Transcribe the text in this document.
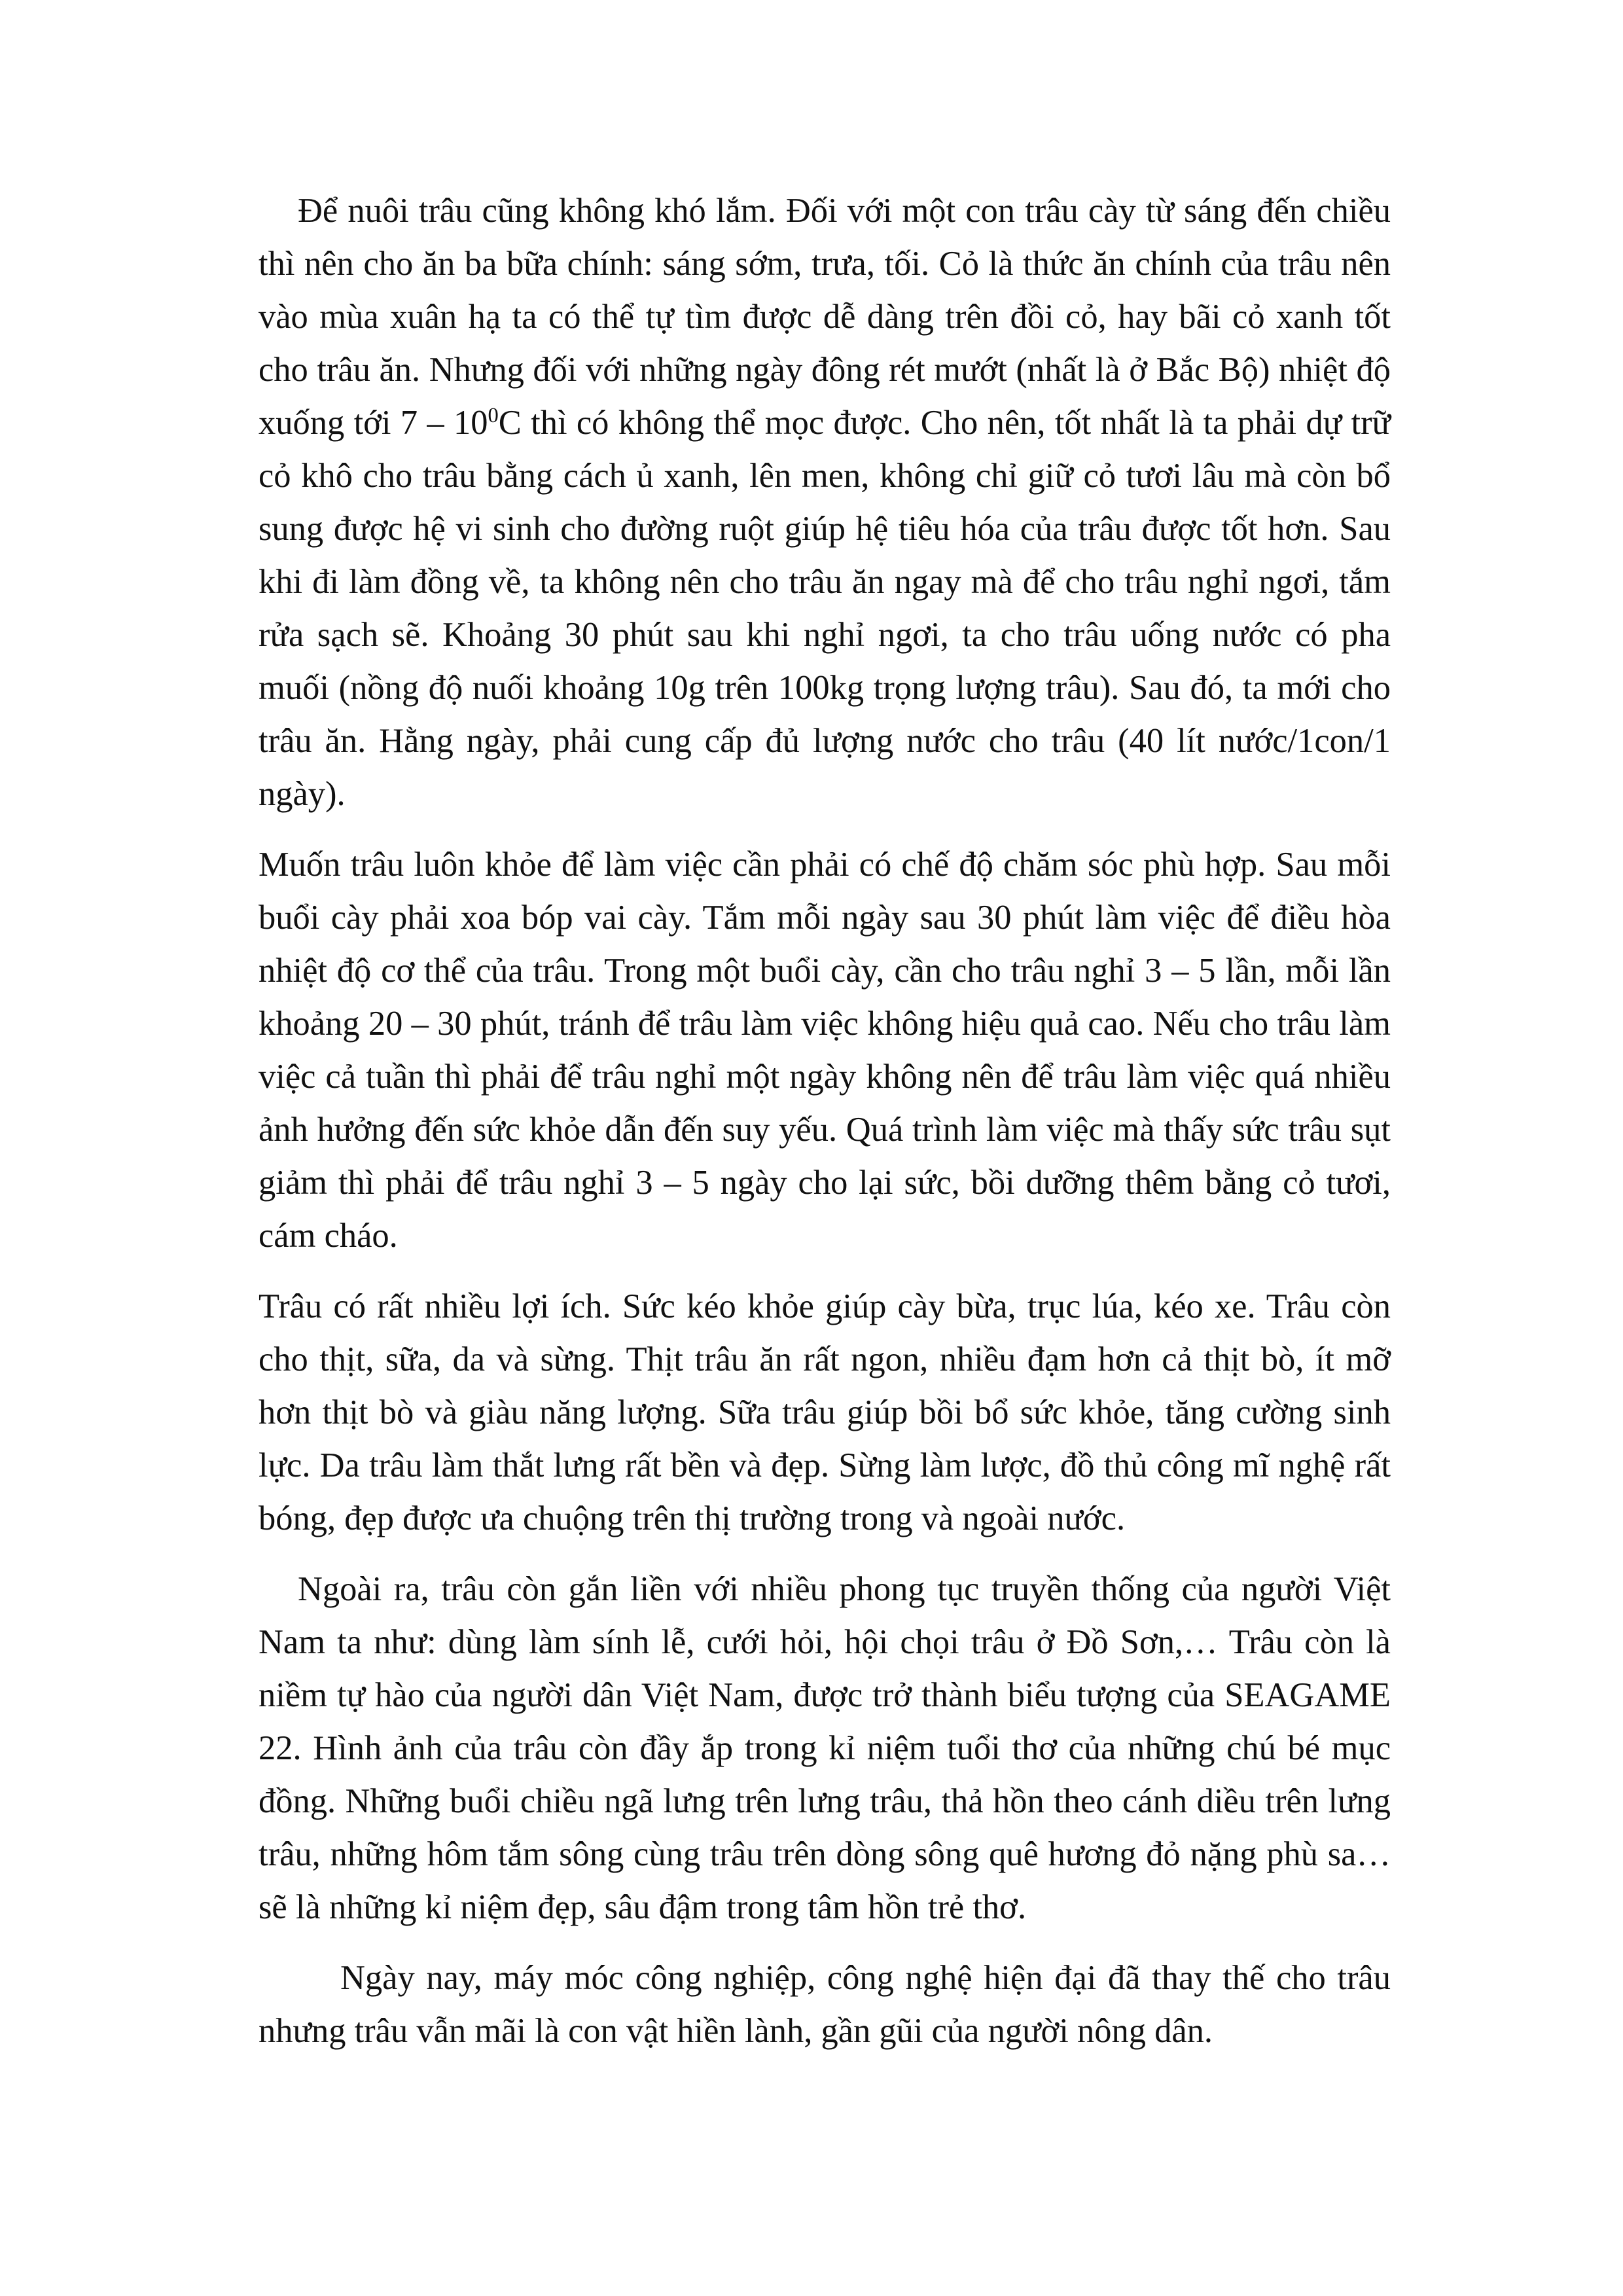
Để nuôi trâu cũng không khó lắm. Đối với một con trâu cày từ sáng đến chiều thì nên cho ăn ba bữa chính: sáng sớm, trưa, tối. Cỏ là thức ăn chính của trâu nên vào mùa xuân hạ ta có thể tự tìm được dễ dàng trên đồi cỏ, hay bãi cỏ xanh tốt cho trâu ăn. Nhưng đối với những ngày đông rét mướt (nhất là ở Bắc Bộ) nhiệt độ xuống tới $7 - 10^0C$ thì có không thể mọc được. Cho nên, tốt nhất là ta phải dự trữ cỏ khô cho trâu bằng cách ủ xanh, lên men, không chỉ giữ cỏ tươi lâu mà còn bổ sung được hệ vi sinh cho đường ruột giúp hệ tiêu hóa của trâu được tốt hơn. Sau khi đi làm đồng về, ta không nên cho trâu ăn ngay mà để cho trâu nghỉ ngơi, tắm rửa sạch sẽ. Khoảng 30 phút sau khi nghỉ ngơi, ta cho trâu uống nước có pha muối (nồng độ nuối khoảng 10g trên 100kg trọng lượng trâu). Sau đó, ta mới cho trâu ăn. Hằng ngày, phải cung cấp đủ lượng nước cho trâu (40 lít nước/1con/1 ngày).

Muốn trâu luôn khỏe để làm việc cần phải có chế độ chăm sóc phù hợp. Sau mỗi buổi cày phải xoa bóp vai cày. Tắm mỗi ngày sau 30 phút làm việc để điều hòa nhiệt độ cơ thể của trâu. Trong một buổi cày, cần cho trâu nghỉ 3 – 5 lần, mỗi lần khoảng 20 – 30 phút, tránh để trâu làm việc không hiệu quả cao. Nếu cho trâu làm việc cả tuần thì phải để trâu nghỉ một ngày không nên để trâu làm việc quá nhiều ảnh hưởng đến sức khỏe dẫn đến suy yếu. Quá trình làm việc mà thấy sức trâu sụt giảm thì phải để trâu nghỉ 3 – 5 ngày cho lại sức, bồi dưỡng thêm bằng cỏ tươi, cám cháo.

Trâu có rất nhiều lợi ích. Sức kéo khỏe giúp cày bừa, trục lúa, kéo xe. Trâu còn cho thịt, sữa, da và sừng. Thịt trâu ăn rất ngon, nhiều đạm hơn cả thịt bò, ít mỡ hơn thịt bò và giàu năng lượng. Sữa trâu giúp bồi bổ sức khỏe, tăng cường sinh lực. Da trâu làm thắt lưng rất bền và đẹp. Sừng làm lược, đồ thủ công mĩ nghệ rất bóng, đẹp được ưa chuộng trên thị trường trong và ngoài nước.

Ngoài ra, trâu còn gắn liền với nhiều phong tục truyền thống của người Việt Nam ta như: dùng làm sính lễ, cưới hỏi, hội chọi trâu ở Đồ Sơn,… Trâu còn là niềm tự hào của người dân Việt Nam, được trở thành biểu tượng của SEAGAME 22. Hình ảnh của trâu còn đầy ắp trong kỉ niệm tuổi thơ của những chú bé mục đồng. Những buổi chiều ngã lưng trên lưng trâu, thả hồn theo cánh diều trên lưng trâu, những hôm tắm sông cùng trâu trên dòng sông quê hương đỏ nặng phù sa… sẽ là những kỉ niệm đẹp, sâu đậm trong tâm hồn trẻ thơ.

Ngày nay, máy móc công nghiệp, công nghệ hiện đại đã thay thế cho trâu nhưng trâu vẫn mãi là con vật hiền lành, gần gũi của người nông dân.
